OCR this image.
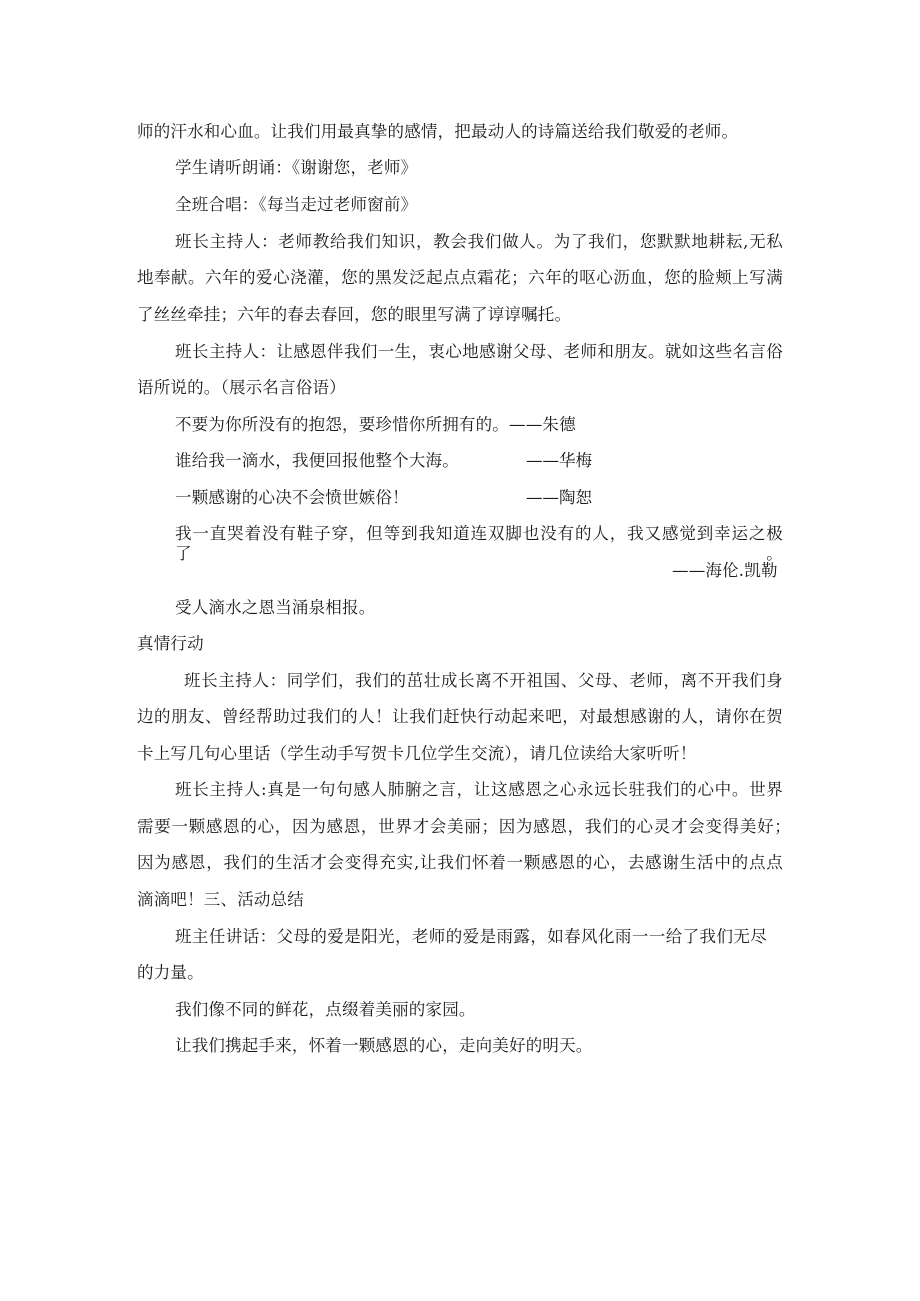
师的汗水和心血。让我们用最真挚的感情，把最动人的诗篇送给我们敬爱的老师。

学生请听朗诵：《谢谢您，老师》

全班合唱：《每当走过老师窗前》

班长主持人：老师教给我们知识，教会我们做人。为了我们，您默默地耕耘,无私

地奉献。六年的爱心浇灌，您的黑发泛起点点霜花；六年的呕心沥血，您的脸颊上写满

了丝丝牵挂；六年的春去春回，您的眼里写满了谆谆嘱托。

班长主持人：让感恩伴我们一生，衷心地感谢父母、老师和朋友。就如这些名言俗

语所说的。（展示名言俗语）

不要为你所没有的抱怨，要珍惜你所拥有的。——朱德

谁给我一滴水，我便回报他整个大海。	——华梅

一颗感谢的心决不会愤世嫉俗！	——陶恕

我一直哭着没有鞋子穿，但等到我知道连双脚也没有的人，我又感觉到幸运之极了。

——海伦.凯勒

受人滴水之恩当涌泉相报。

真情行动

班长主持人：同学们，我们的茁壮成长离不开祖国、父母、老师，离不开我们身

边的朋友、曾经帮助过我们的人！让我们赶快行动起来吧，对最想感谢的人，请你在贺

卡上写几句心里话（学生动手写贺卡几位学生交流），请几位读给大家听听！

班长主持人:真是一句句感人肺腑之言，让这感恩之心永远长驻我们的心中。世界

需要一颗感恩的心，因为感恩，世界才会美丽；因为感恩，我们的心灵才会变得美好；

因为感恩，我们的生活才会变得充实,让我们怀着一颗感恩的心，去感谢生活中的点点

滴滴吧！三、活动总结

班主任讲话：父母的爱是阳光，老师的爱是雨露，如春风化雨一一给了我们无尽

的力量。

我们像不同的鲜花，点缀着美丽的家园。

让我们携起手来，怀着一颗感恩的心，走向美好的明天。
